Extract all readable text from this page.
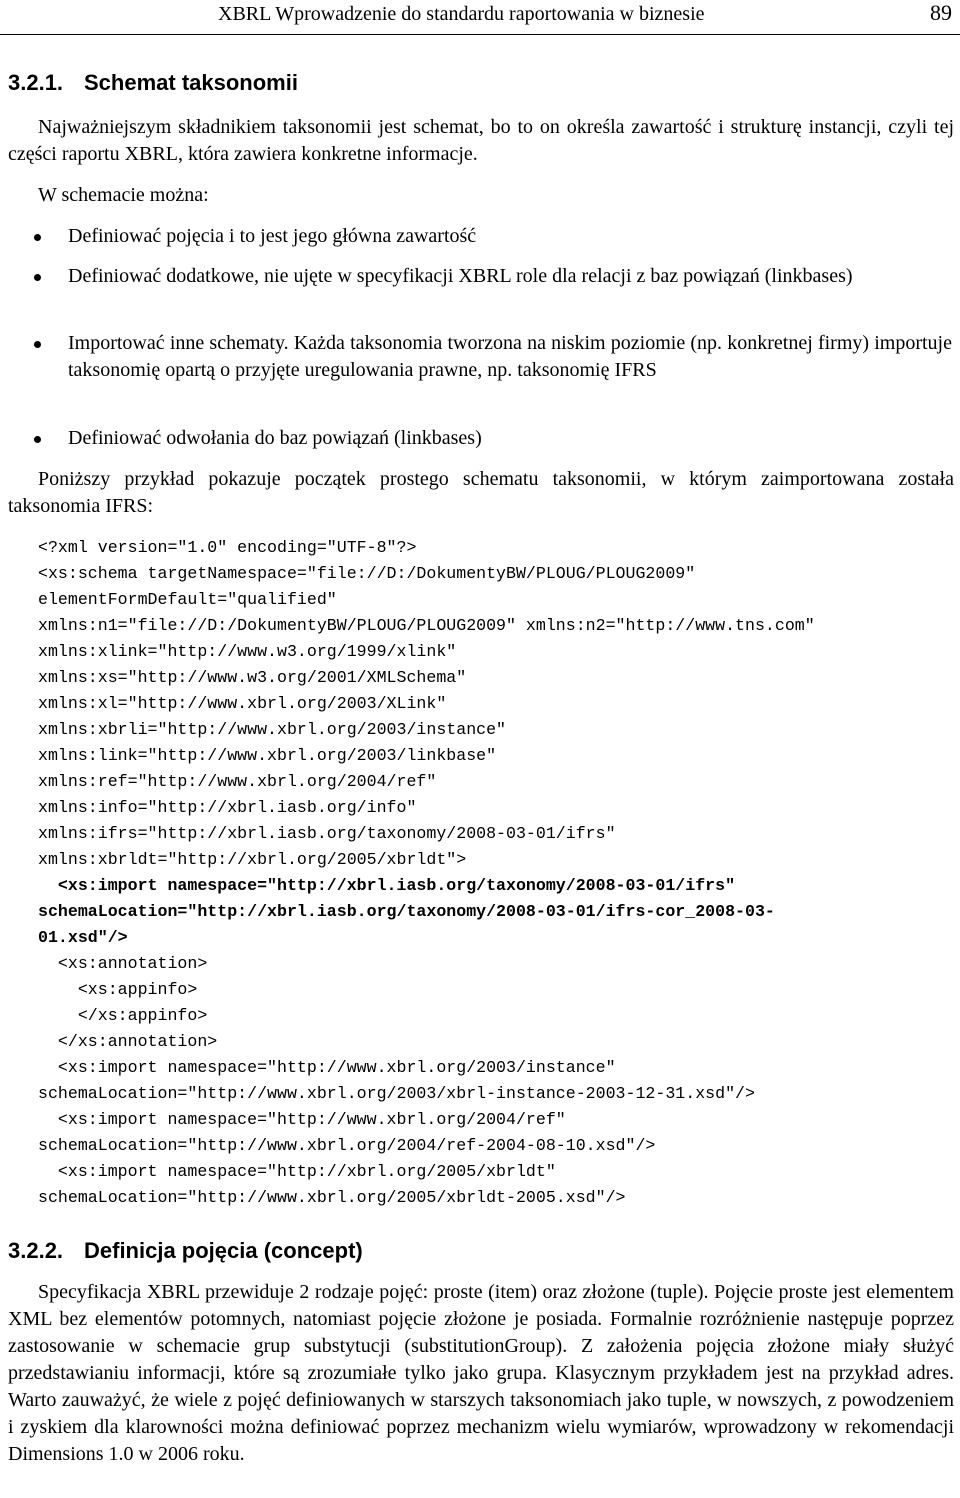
XBRL Wprowadzenie do standardu raportowania w biznesie	89
3.2.1. Schemat taksonomii

Najważniejszym składnikiem taksonomii jest schemat, bo to on określa zawartość i strukturę instancji, czyli tej części raportu XBRL, która zawiera konkretne informacje.

W schemacie można:
Definiować pojęcia i to jest jego główna zawartość
Definiować dodatkowe, nie ujęte w specyfikacji XBRL role dla relacji z baz powiązań (linkbases)
Importować inne schematy. Każda taksonomia tworzona na niskim poziomie (np. konkretnej firmy) importuje taksonomię opartą o przyjęte uregulowania prawne, np. taksonomię IFRS
Definiować odwołania do baz powiązań (linkbases)

Poniższy przykład pokazuje początek prostego schematu taksonomii, w którym zaimportowana została taksonomia IFRS:

<?xml version="1.0" encoding="UTF-8"?>
<xs:schema targetNamespace="file://D:/DokumentyBW/PLOUG/PLOUG2009"
elementFormDefault="qualified"
xmlns:n1="file://D:/DokumentyBW/PLOUG/PLOUG2009" xmlns:n2="http://www.tns.com"
xmlns:xlink="http://www.w3.org/1999/xlink"
xmlns:xs="http://www.w3.org/2001/XMLSchema"
xmlns:xl="http://www.xbrl.org/2003/XLink"
xmlns:xbrli="http://www.xbrl.org/2003/instance"
xmlns:link="http://www.xbrl.org/2003/linkbase"
xmlns:ref="http://www.xbrl.org/2004/ref"
xmlns:info="http://xbrl.iasb.org/info"
xmlns:ifrs="http://xbrl.iasb.org/taxonomy/2008-03-01/ifrs"
xmlns:xbrldt="http://xbrl.org/2005/xbrldt">
<xs:import namespace="http://xbrl.iasb.org/taxonomy/2008-03-01/ifrs"
schemaLocation="http://xbrl.iasb.org/taxonomy/2008-03-01/ifrs-cor_2008-03-
01.xsd"/>
<xs:annotation>
<xs:appinfo>
</xs:appinfo>
</xs:annotation>
<xs:import namespace="http://www.xbrl.org/2003/instance"
schemaLocation="http://www.xbrl.org/2003/xbrl-instance-2003-12-31.xsd"/>
<xs:import namespace="http://www.xbrl.org/2004/ref"
schemaLocation="http://www.xbrl.org/2004/ref-2004-08-10.xsd"/>
<xs:import namespace="http://xbrl.org/2005/xbrldt"
schemaLocation="http://www.xbrl.org/2005/xbrldt-2005.xsd"/>
3.2.2. Definicja pojęcia (concept)

Specyfikacja XBRL przewiduje 2 rodzaje pojęć: proste (item) oraz złożone (tuple). Pojęcie proste jest elementem XML bez elementów potomnych, natomiast pojęcie złożone je posiada. Formalnie rozróżnienie następuje poprzez zastosowanie w schemacie grup substytucji (substitutionGroup). Z założenia pojęcia złożone miały służyć przedstawianiu informacji, które są zrozumiałe tylko jako grupa. Klasycznym przykładem jest na przykład adres. Warto zauważyć, że wiele z pojęć definiowanych w starszych taksonomiach jako tuple, w nowszych, z powodzeniem i zyskiem dla klarowności można definiować poprzez mechanizm wielu wymiarów, wprowadzony w rekomendacji Dimensions 1.0 w 2006 roku.
